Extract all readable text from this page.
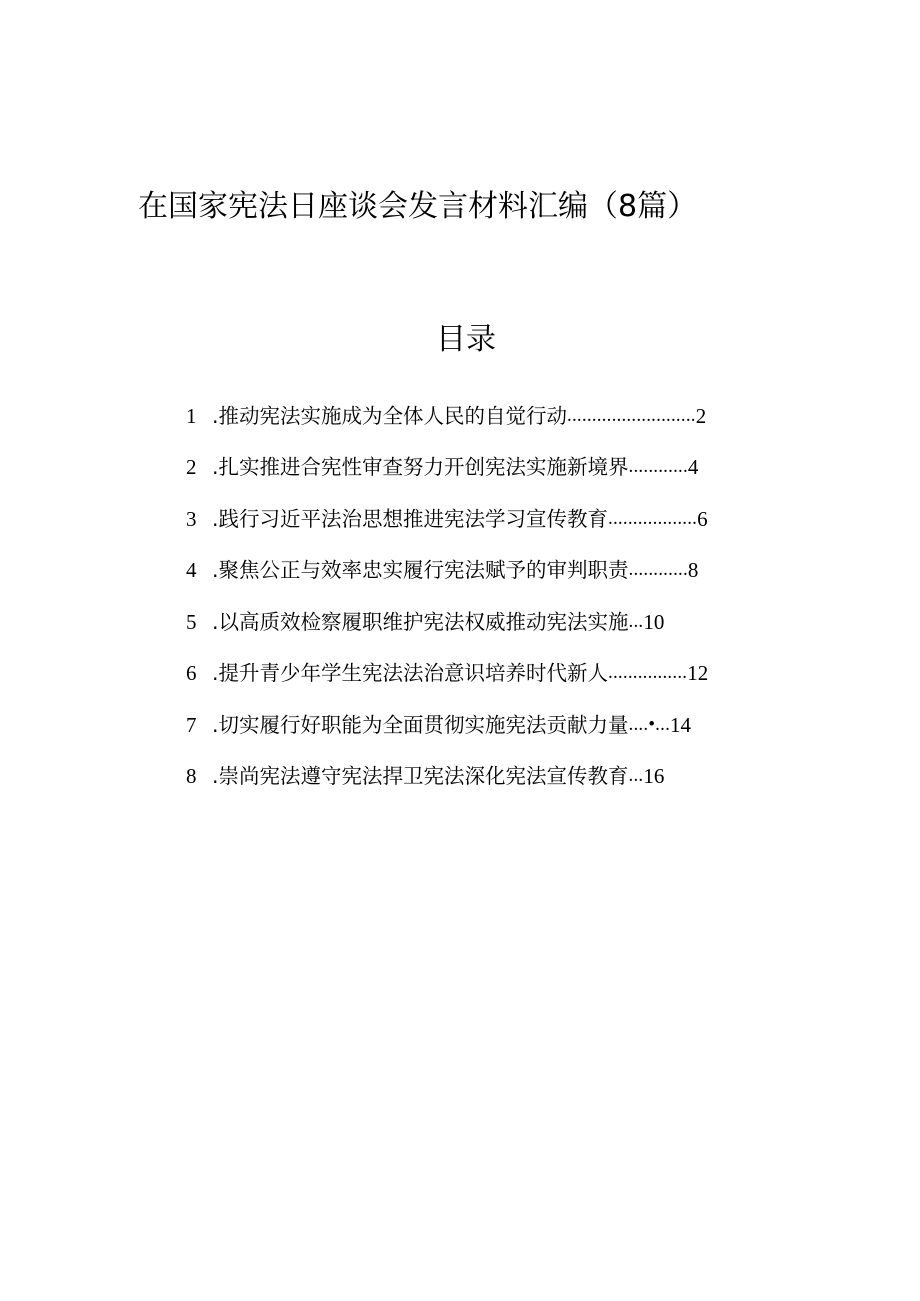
在国家宪法日座谈会发言材料汇编（8篇）
目录
1 .推动宪法实施成为全体人民的自觉行动 .......................... 2
2 .扎实推进合宪性审查努力开创宪法实施新境界 ............ 4
3 .践行习近平法治思想推进宪法学习宣传教育 .................. 6
4 .聚焦公正与效率忠实履行宪法赋予的审判职责 ............ 8
5 .以高质效检察履职维护宪法权威推动宪法实施 ... 10
6 .提升青少年学生宪法法治意识培养时代新人 ................ 12
7 .切实履行好职能为全面贯彻实施宪法贡献力量 ....•... 14
8 .崇尚宪法遵守宪法捍卫宪法深化宪法宣传教育 ... 16
